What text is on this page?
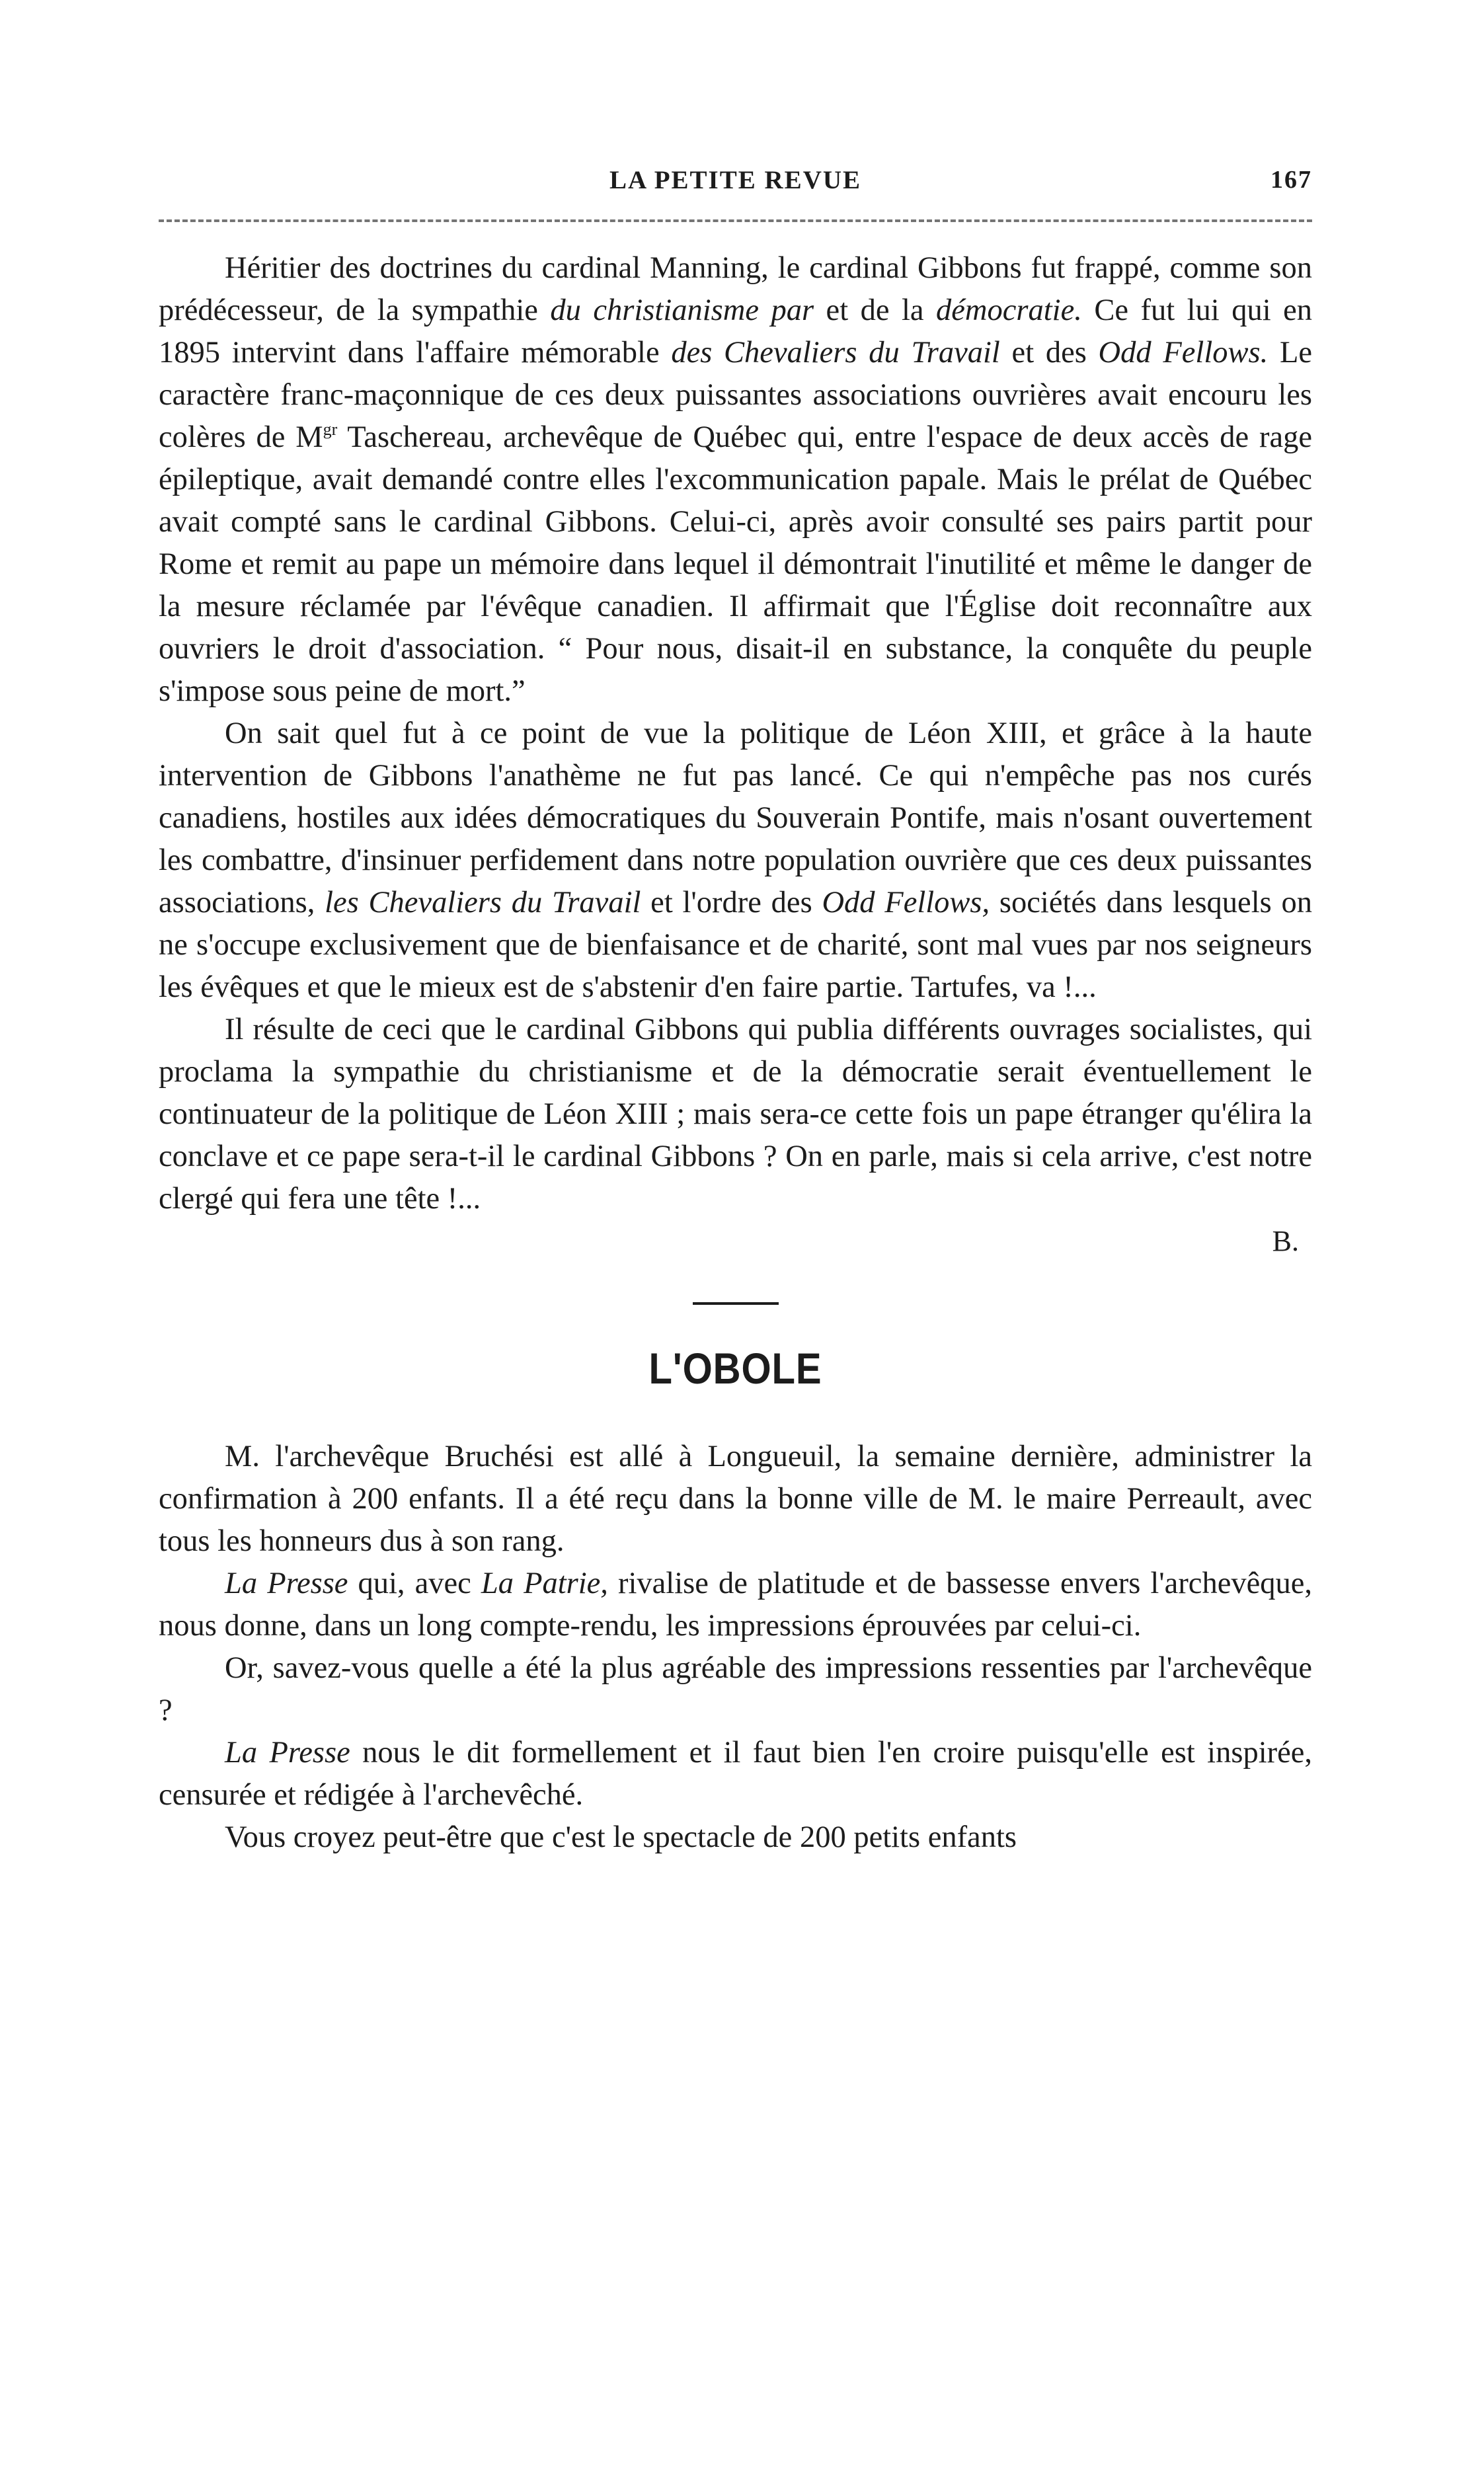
LA PETITE REVUE	167

Héritier des doctrines du cardinal Manning, le cardinal Gibbons fut frappé, comme son prédécesseur, de la sympathie du christianisme par et de la démocratie. Ce fut lui qui en 1895 intervint dans l'affaire mémorable des Chevaliers du Travail et des Odd Fellows. Le caractère franc-maçonnique de ces deux puissantes associations ouvrières avait encouru les colères de $M^{gr}$ Taschereau, archevêque de Québec qui, entre l'espace de deux accès de rage épileptique, avait demandé contre elles l'excommunication papale. Mais le prélat de Québec avait compté sans le cardinal Gibbons. Celui-ci, après avoir consulté ses pairs partit pour Rome et remit au pape un mémoire dans lequel il démontrait l'inutilité et même le danger de la mesure réclamée par l'évêque canadien. Il affirmait que l'Église doit reconnaître aux ouvriers le droit d'association. “ Pour nous, disait-il en substance, la conquête du peuple s'impose sous peine de mort.”

On sait quel fut à ce point de vue la politique de Léon XIII, et grâce à la haute intervention de Gibbons l'anathème ne fut pas lancé. Ce qui n'empêche pas nos curés canadiens, hostiles aux idées démocratiques du Souverain Pontife, mais n'osant ouvertement les combattre, d'insinuer perfidement dans notre population ouvrière que ces deux puissantes associations, les Chevaliers du Travail et l'ordre des Odd Fellows, sociétés dans lesquels on ne s'occupe exclusivement que de bienfaisance et de charité, sont mal vues par nos seigneurs les évêques et que le mieux est de s'abstenir d'en faire partie. Tartufes, va !...

Il résulte de ceci que le cardinal Gibbons qui publia différents ouvrages socialistes, qui proclama la sympathie du christianisme et de la démocratie serait éventuellement le continuateur de la politique de Léon XIII ; mais sera-ce cette fois un pape étranger qu'élira la conclave et ce pape sera-t-il le cardinal Gibbons ? On en parle, mais si cela arrive, c'est notre clergé qui fera une tête !...

B.
L'OBOLE

M. l'archevêque Bruchési est allé à Longueuil, la semaine dernière, administrer la confirmation à 200 enfants. Il a été reçu dans la bonne ville de M. le maire Perreault, avec tous les honneurs dus à son rang.

La Presse qui, avec La Patrie, rivalise de platitude et de bassesse envers l'archevêque, nous donne, dans un long compte-rendu, les impressions éprouvées par celui-ci.

Or, savez-vous quelle a été la plus agréable des impressions ressenties par l'archevêque ?

La Presse nous le dit formellement et il faut bien l'en croire puisqu'elle est inspirée, censurée et rédigée à l'archevêché.

Vous croyez peut-être que c'est le spectacle de 200 petits enfants
